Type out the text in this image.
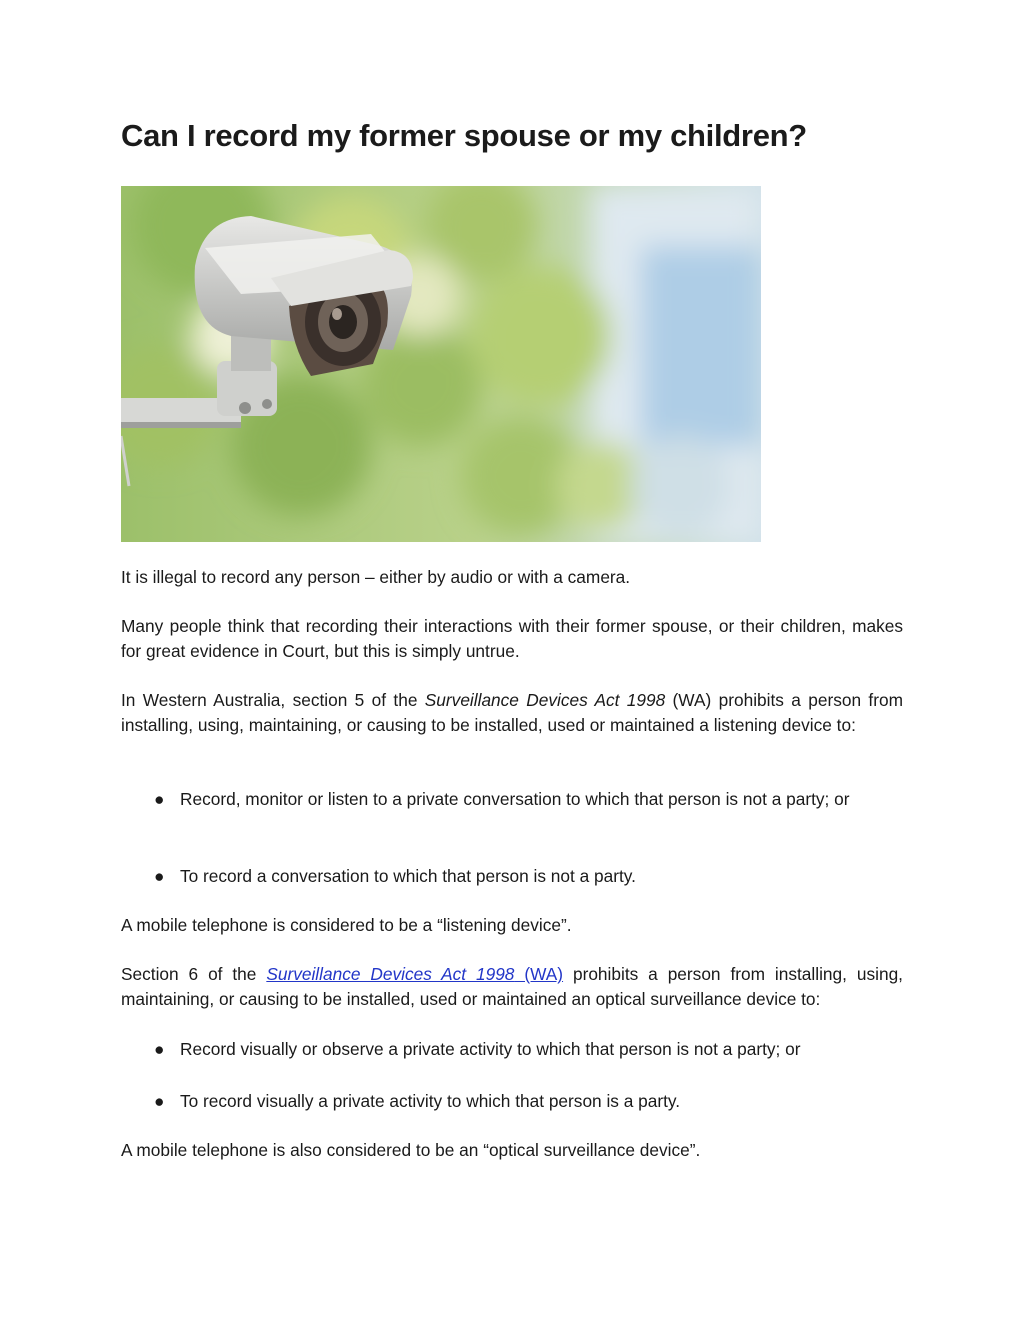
Can I record my former spouse or my children?

It is illegal to record any person – either by audio or with a camera.

Many people think that recording their interactions with their former spouse, or their children, makes for great evidence in Court, but this is simply untrue.

In Western Australia, section 5 of the Surveillance Devices Act 1998 (WA) prohibits a person from installing, using, maintaining, or causing to be installed, used or maintained a listening device to:

● Record, monitor or listen to a private conversation to which that person is not a party; or
● To record a conversation to which that person is not a party.

A mobile telephone is considered to be a “listening device”.

Section 6 of the Surveillance Devices Act 1998 (WA) prohibits a person from installing, using, maintaining, or causing to be installed, used or maintained an optical surveillance device to:

● Record visually or observe a private activity to which that person is not a party; or
● To record visually a private activity to which that person is a party.

A mobile telephone is also considered to be an “optical surveillance device”.
